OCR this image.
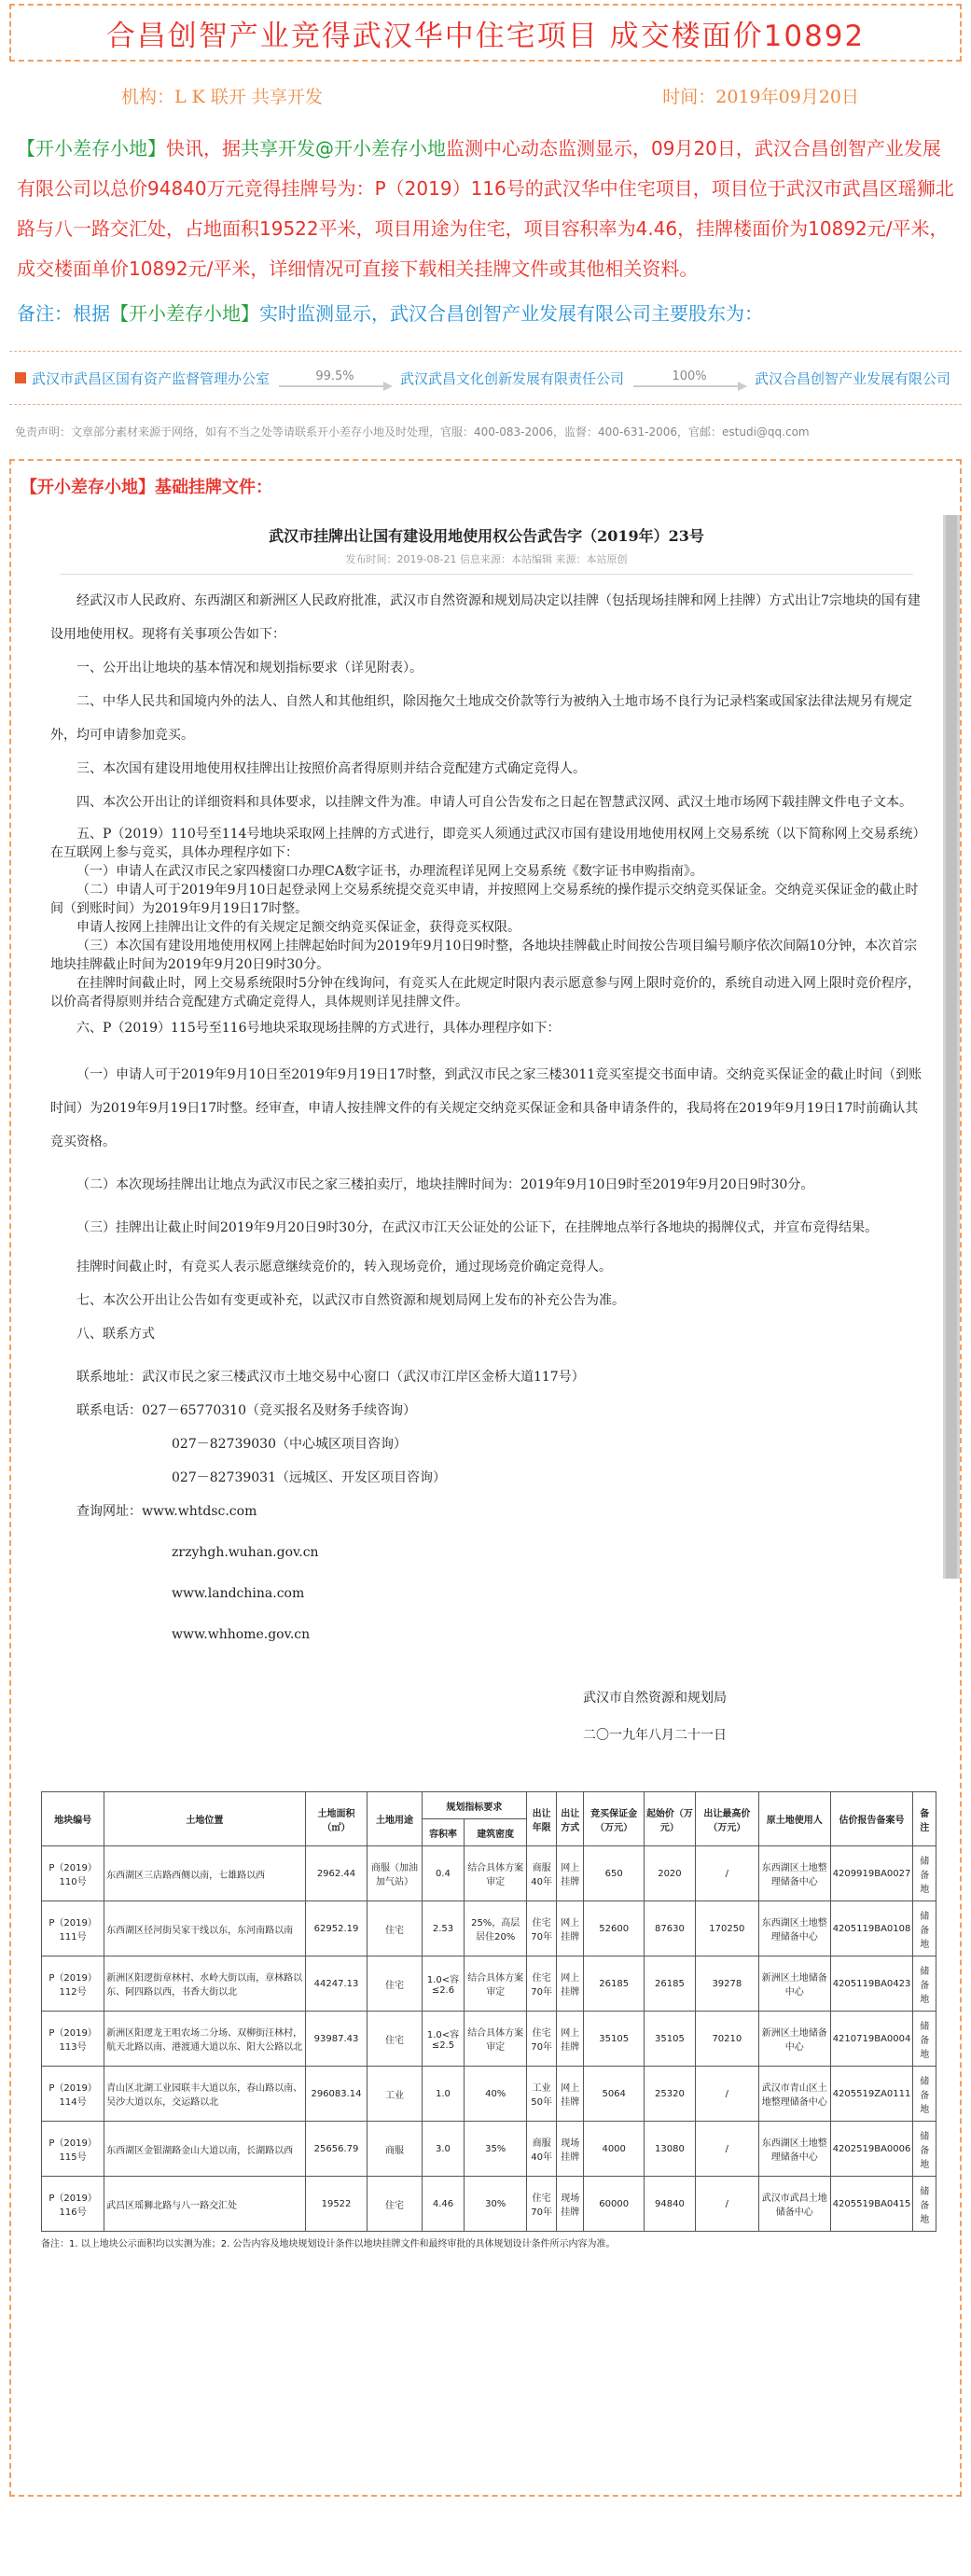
合昌创智产业竞得武汉华中住宅项目 成交楼面价10892
机构：L K 联开 共享开发	时间：2019年09月20日
【开小差存小地】快讯，据共享开发@开小差存小地监测中心动态监测显示，09月20日，武汉合昌创智产业发展有限公司以总价94840万元竞得挂牌号为：P（2019）116号的武汉华中住宅项目，项目位于武汉市武昌区瑶狮北路与八一路交汇处，占地面积19522平米，项目用途为住宅，项目容积率为4.46，挂牌楼面价为10892元/平米，成交楼面单价10892元/平米，详细情况可直接下载相关挂牌文件或其他相关资料。
备注：根据【开小差存小地】实时监测显示，武汉合昌创智产业发展有限公司主要股东为：
武汉市武昌区国有资产监督管理办公室	99.5%	武汉武昌文化创新发展有限责任公司	100%	武汉合昌创智产业发展有限公司
免责声明：文章部分素材来源于网络，如有不当之处等请联系开小差存小地及时处理，官服：400-083-2006，监督：400-631-2006，官邮：estudi@qq.com
【开小差存小地】基础挂牌文件：
武汉市挂牌出让国有建设用地使用权公告武告字（2019年）23号
发布时间：2019-08-21 信息来源：本站编辑 来源：本站原创

经武汉市人民政府、东西湖区和新洲区人民政府批准，武汉市自然资源和规划局决定以挂牌（包括现场挂牌和网上挂牌）方式出让7宗地块的国有建设用地使用权。现将有关事项公告如下：

一、公开出让地块的基本情况和规划指标要求（详见附表）。

二、中华人民共和国境内外的法人、自然人和其他组织，除因拖欠土地成交价款等行为被纳入土地市场不良行为记录档案或国家法律法规另有规定外，均可申请参加竞买。

三、本次国有建设用地使用权挂牌出让按照价高者得原则并结合竞配建方式确定竞得人。

四、本次公开出让的详细资料和具体要求，以挂牌文件为准。申请人可自公告发布之日起在智慧武汉网、武汉土地市场网下载挂牌文件电子文本。

五、P（2019）110号至114号地块采取网上挂牌的方式进行，即竞买人须通过武汉市国有建设用地使用权网上交易系统（以下简称网上交易系统）在互联网上参与竞买，具体办理程序如下：

（一）申请人在武汉市民之家四楼窗口办理CA数字证书，办理流程详见网上交易系统《数字证书申购指南》。

（二）申请人可于2019年9月10日起登录网上交易系统提交竞买申请，并按照网上交易系统的操作提示交纳竞买保证金。交纳竞买保证金的截止时间（到账时间）为2019年9月19日17时整。

申请人按网上挂牌出让文件的有关规定足额交纳竞买保证金，获得竞买权限。

（三）本次国有建设用地使用权网上挂牌起始时间为2019年9月10日9时整，各地块挂牌截止时间按公告项目编号顺序依次间隔10分钟，本次首宗地块挂牌截止时间为2019年9月20日9时30分。

在挂牌时间截止时，网上交易系统限时5分钟在线询问，有竞买人在此规定时限内表示愿意参与网上限时竞价的，系统自动进入网上限时竞价程序，以价高者得原则并结合竞配建方式确定竞得人，具体规则详见挂牌文件。

六、P（2019）115号至116号地块采取现场挂牌的方式进行，具体办理程序如下：

（一）申请人可于2019年9月10日至2019年9月19日17时整，到武汉市民之家三楼3011竞买室提交书面申请。交纳竞买保证金的截止时间（到账时间）为2019年9月19日17时整。经审查，申请人按挂牌文件的有关规定交纳竞买保证金和具备申请条件的，我局将在2019年9月19日17时前确认其竞买资格。

（二）本次现场挂牌出让地点为武汉市民之家三楼拍卖厅，地块挂牌时间为：2019年9月10日9时至2019年9月20日9时30分。

（三）挂牌出让截止时间2019年9月20日9时30分，在武汉市江天公证处的公证下，在挂牌地点举行各地块的揭牌仪式，并宣布竞得结果。

挂牌时间截止时，有竞买人表示愿意继续竞价的，转入现场竞价，通过现场竞价确定竞得人。

七、本次公开出让公告如有变更或补充，以武汉市自然资源和规划局网上发布的补充公告为准。

八、联系方式

联系地址：武汉市民之家三楼武汉市土地交易中心窗口（武汉市江岸区金桥大道117号）

联系电话：027－65770310（竞买报名及财务手续咨询）

027－82739030（中心城区项目咨询）

027－82739031（远城区、开发区项目咨询）

查询网址：www.whtdsc.com

zrzyhgh.wuhan.gov.cn

www.landchina.com

www.whhome.gov.cn

武汉市自然资源和规划局
二〇一九年八月二十一日
地块编号	土地位置	土地面积（㎡）	土地用途	规划指标要求		出让年限	出让方式	竞买保证金（万元）	起始价（万元）	出让最高价（万元）	原土地使用人	估价报告备案号	备注
				容积率	建筑密度								
P（2019）110号	东西湖区三店路西侧以南，七雄路以西	2962.44	商服（加油加气站）	0.4	结合具体方案审定	商服40年	网上挂牌	650	2020	/	东西湖区土地整理储备中心	4209919BA0027	储备地
P（2019）111号	东西湖区径河街吴家干线以东，东河南路以南	62952.19	住宅	2.53	25%，高层居住20%	住宅70年	网上挂牌	52600	87630	170250	东西湖区土地整理储备中心	4205119BA0108	储备地
P（2019）112号	新洲区阳逻街章林村、水岭大街以南，章林路以东、阿四路以西，书香大街以北	44247.13	住宅	1.0<容≤2.6	结合具体方案审定	住宅70年	网上挂牌	26185	26185	39278	新洲区土地储备中心	4205119BA0423	储备地
P（2019）113号	新洲区阳逻龙王咀农场二分场、双柳街汪林村，航天北路以南、港渡通大道以东、阳大公路以北	93987.43	住宅	1.0<容≤2.5	结合具体方案审定	住宅70年	网上挂牌	35105	35105	70210	新洲区土地储备中心	4210719BA0004	储备地
P（2019）114号	青山区北湖工业园联丰大道以东，春山路以南、吴沙大道以东，交运路以北	296083.14	工业	1.0	40%	工业50年	网上挂牌	5064	25320	/	武汉市青山区土地整理储备中心	4205519ZA0111	储备地
P（2019）115号	东西湖区金银湖路金山大道以南，长湖路以西	25656.79	商服	3.0	35%	商服40年	现场挂牌	4000	13080	/	东西湖区土地整理储备中心	4202519BA0006	储备地
P（2019）116号	武昌区瑶狮北路与八一路交汇处	19522	住宅	4.46	30%	住宅70年	现场挂牌	60000	94840	/	武汉市武昌土地储备中心	4205519BA0415	储备地
备注：1. 以上地块公示面积均以实测为准；2. 公告内容及地块规划设计条件以地块挂牌文件和最终审批的具体规划设计条件所示内容为准。
